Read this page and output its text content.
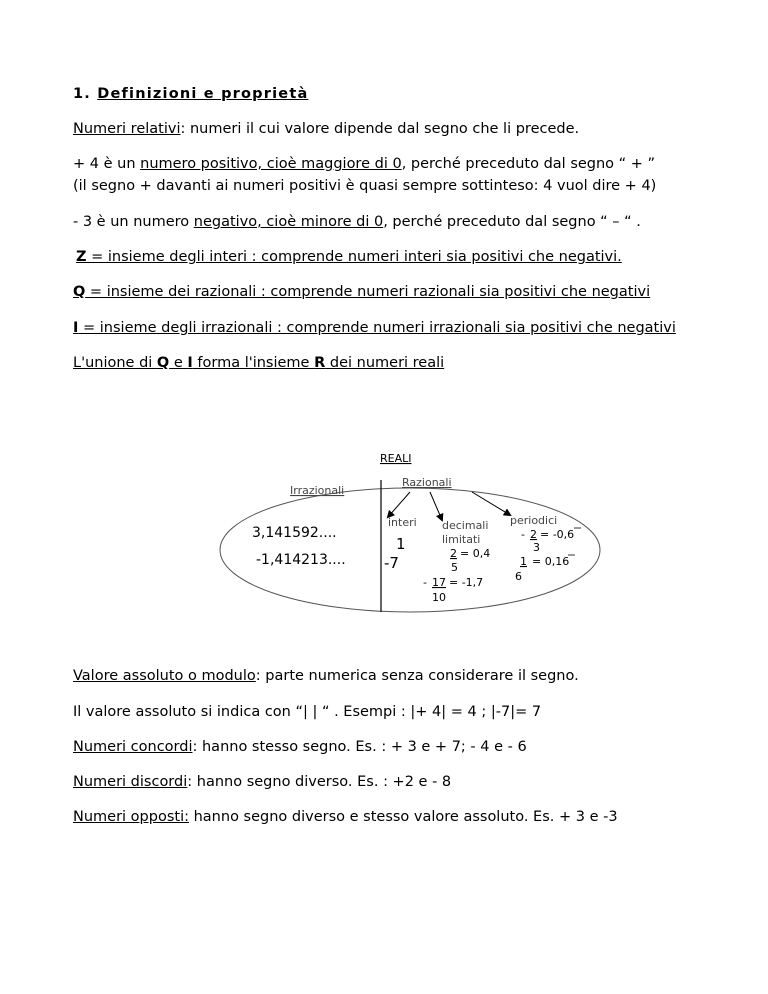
1. Definizioni e proprietà
Numeri relativi: numeri il cui valore dipende dal segno che li precede.
+ 4 è un numero positivo, cioè maggiore di 0, perché preceduto dal segno “ + ”
(il segno + davanti ai numeri positivi è quasi sempre sottinteso: 4 vuol dire + 4)
- 3 è un numero negativo, cioè minore di 0, perché preceduto dal segno “ – “ .
Z = insieme degli interi : comprende numeri interi sia positivi che negativi.
Q = insieme dei razionali : comprende numeri razionali sia positivi che negativi
I = insieme degli irrazionali : comprende numeri irrazionali sia positivi che negativi
L'unione di Q e I forma l'insieme R dei numeri reali
REALI
Irrazionali
Razionali
3,141592....
-1,414213....
interi
1
-7
decimali
limitati
2 = 0,4
5
- 17 = -1,7
10
periodici
- 2 = -0,6
3
1 = 0,16
6
Valore assoluto o modulo: parte numerica senza considerare il segno.
Il valore assoluto si indica con “| | “ . Esempi : |+ 4| = 4 ; |-7|= 7
Numeri concordi: hanno stesso segno. Es. : + 3 e + 7; - 4 e - 6
Numeri discordi: hanno segno diverso. Es. : +2 e - 8
Numeri opposti: hanno segno diverso e stesso valore assoluto. Es. + 3 e -3
